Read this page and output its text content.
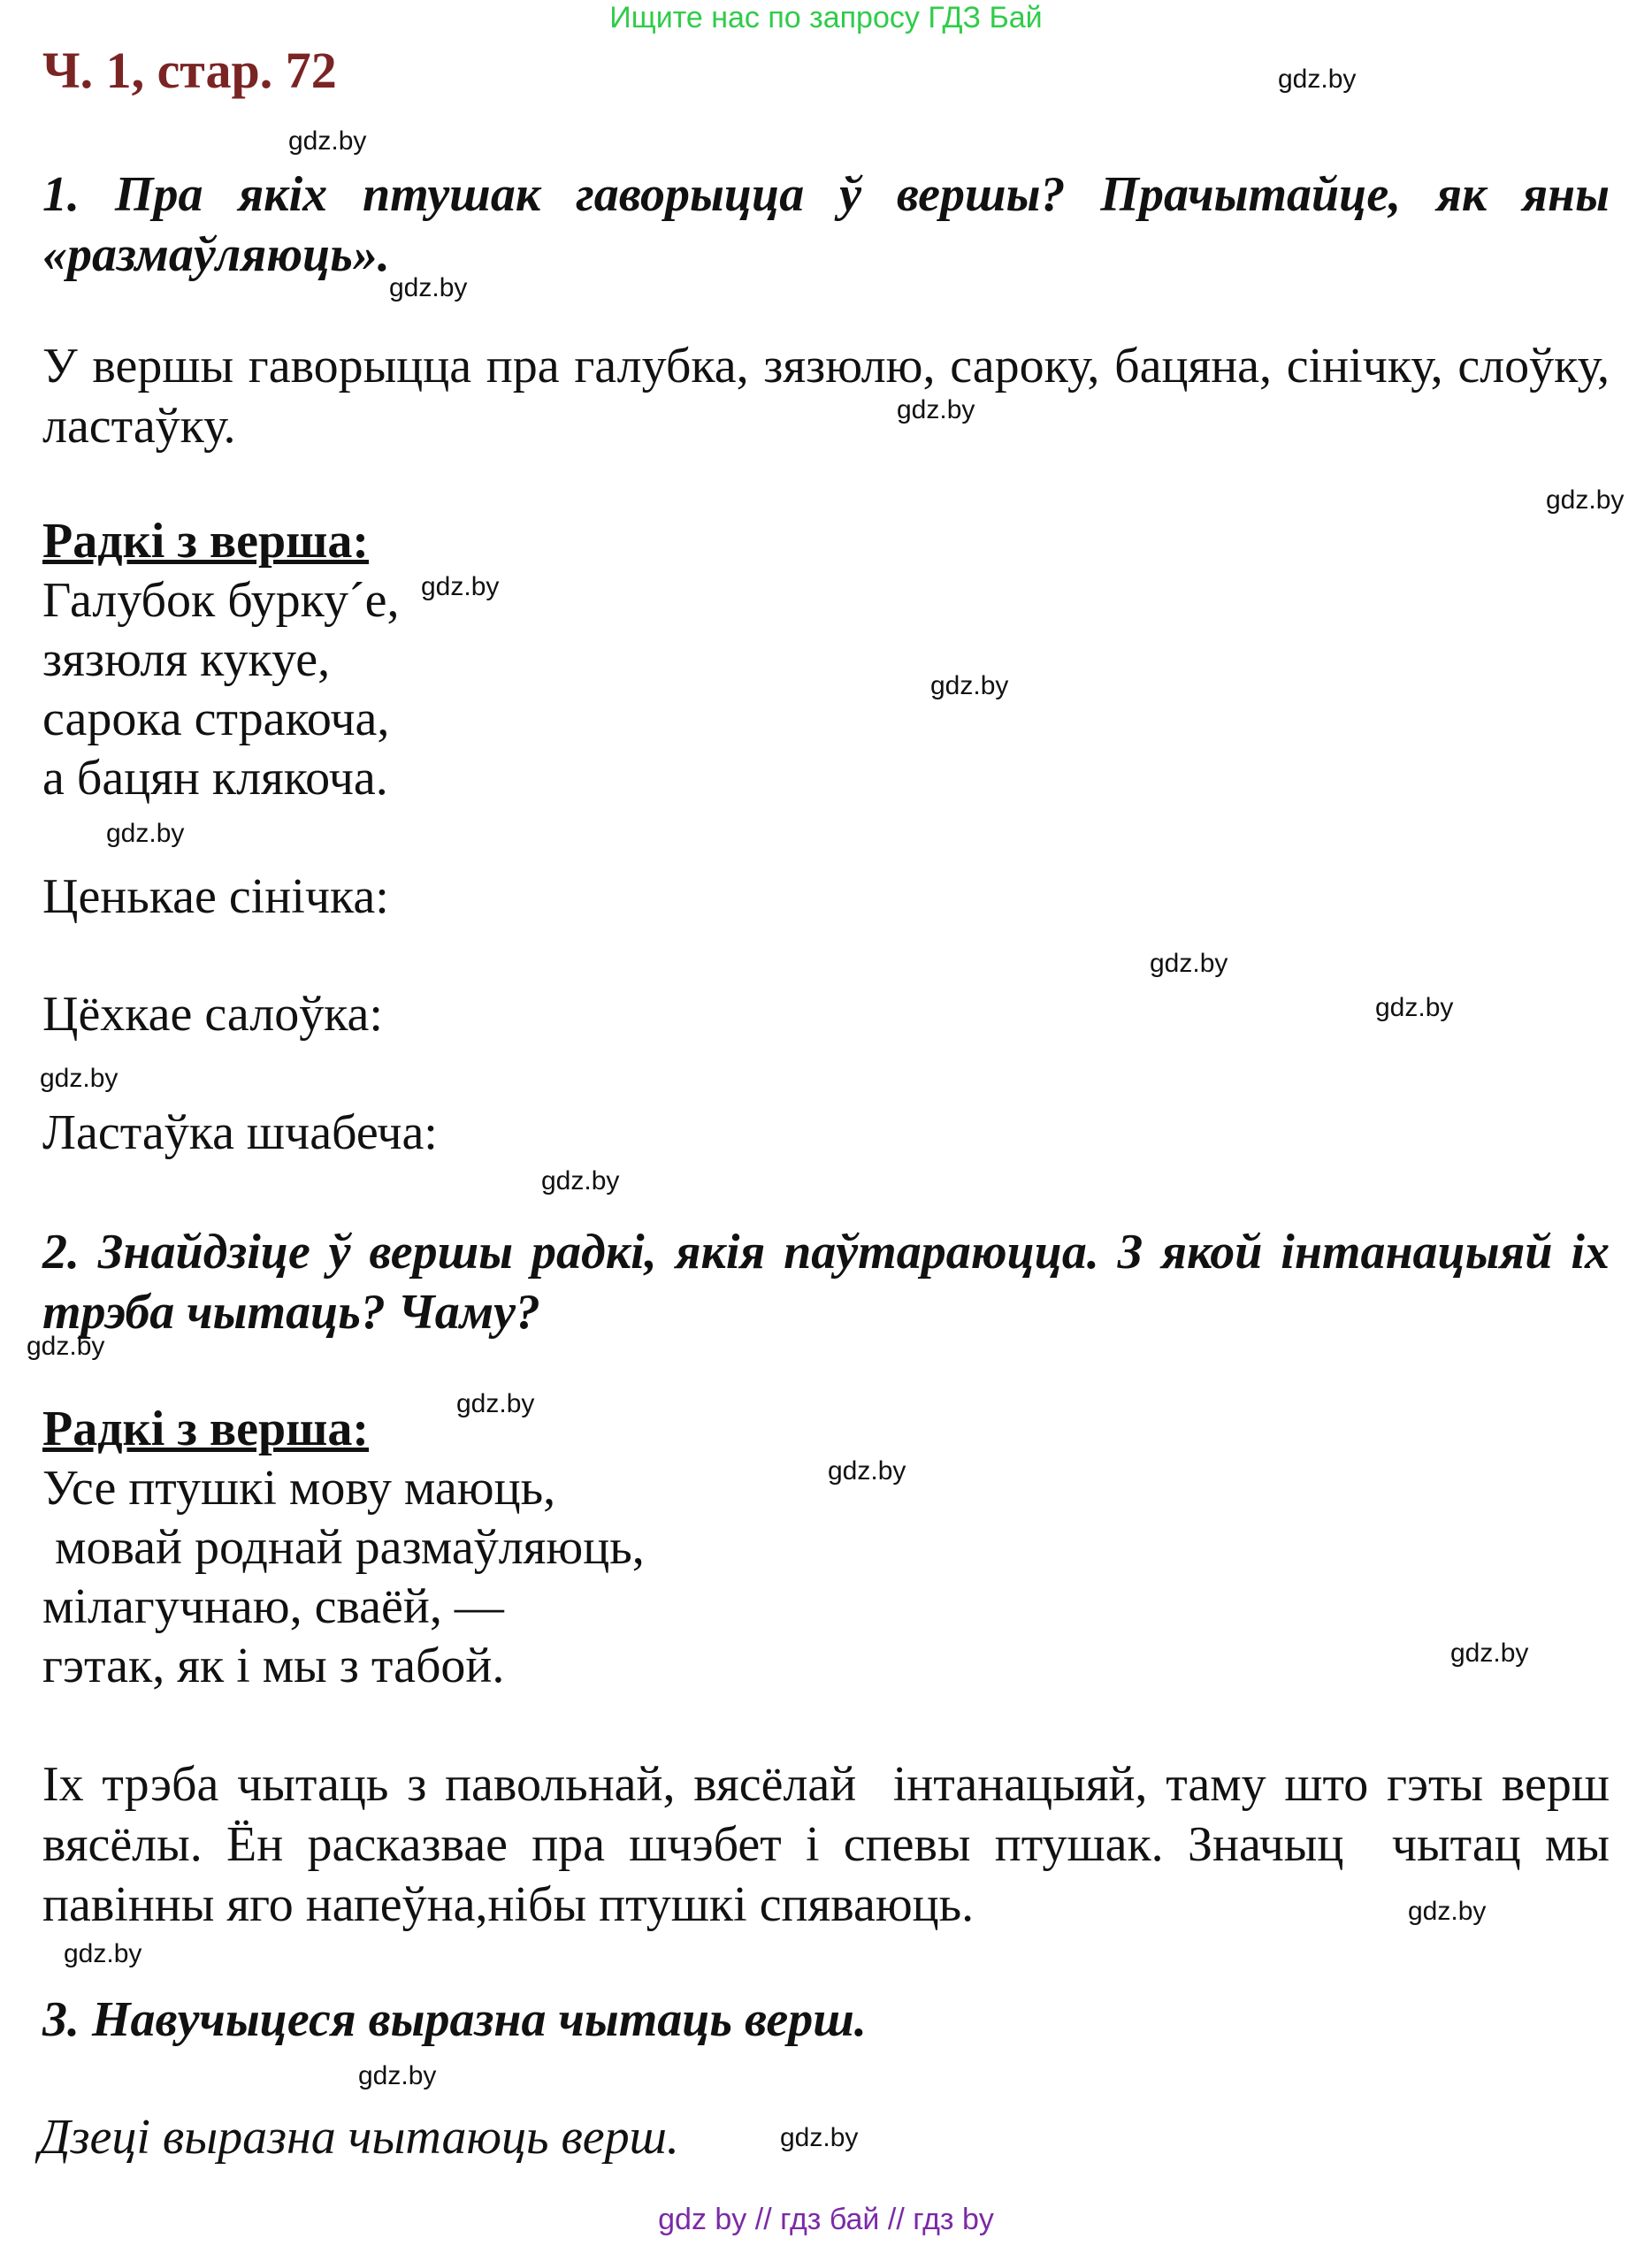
Ищите нас по запросу ГДЗ Бай
Ч. 1, стар. 72
1. Пра якіх птушак гаворыцца ў вершы? Прачытайце, як яны «размаўляюць».
У вершы гаворыцца пра галубка, зязюлю, сароку, бацяна, сінічку, слоўку, ластаўку.
Радкі з верша:
Галубок бурку´е,
зязюля кукуе,
сарока стракоча,
а бацян клякоча.
Ценькае сінічка:
Цёхкае салоўка:
Ластаўка шчабеча:
2. Знайдзіце ў вершы радкі, якія паўтараюцца. З якой інтанацыяй іх трэба чытаць? Чаму?
Радкі з верша:
Усе птушкі мову маюць,
мовай роднай размаўляюць,
мілагучнаю, сваёй, —
гэтак, як і мы з табой.
Іх трэба чытаць з павольнай, вясёлай  інтанацыяй, таму што гэты верш вясёлы. Ён расказвае пра шчэбет і спевы птушак. Значыц  чытац мы павінны яго напеўна,нібы птушкі спяваюць.
3. Навучыцеся выразна чытаць верш.
Дзеці выразна чытаюць верш.
gdz.by
gdz.by
gdz.by
gdz.by
gdz.by
gdz.by
gdz.by
gdz.by
gdz.by
gdz.by
gdz.by
gdz.by
gdz.by
gdz.by
gdz.by
gdz.by
gdz.by
gdz.by
gdz.by
gdz.by
gdz by // гдз бай // гдз by
